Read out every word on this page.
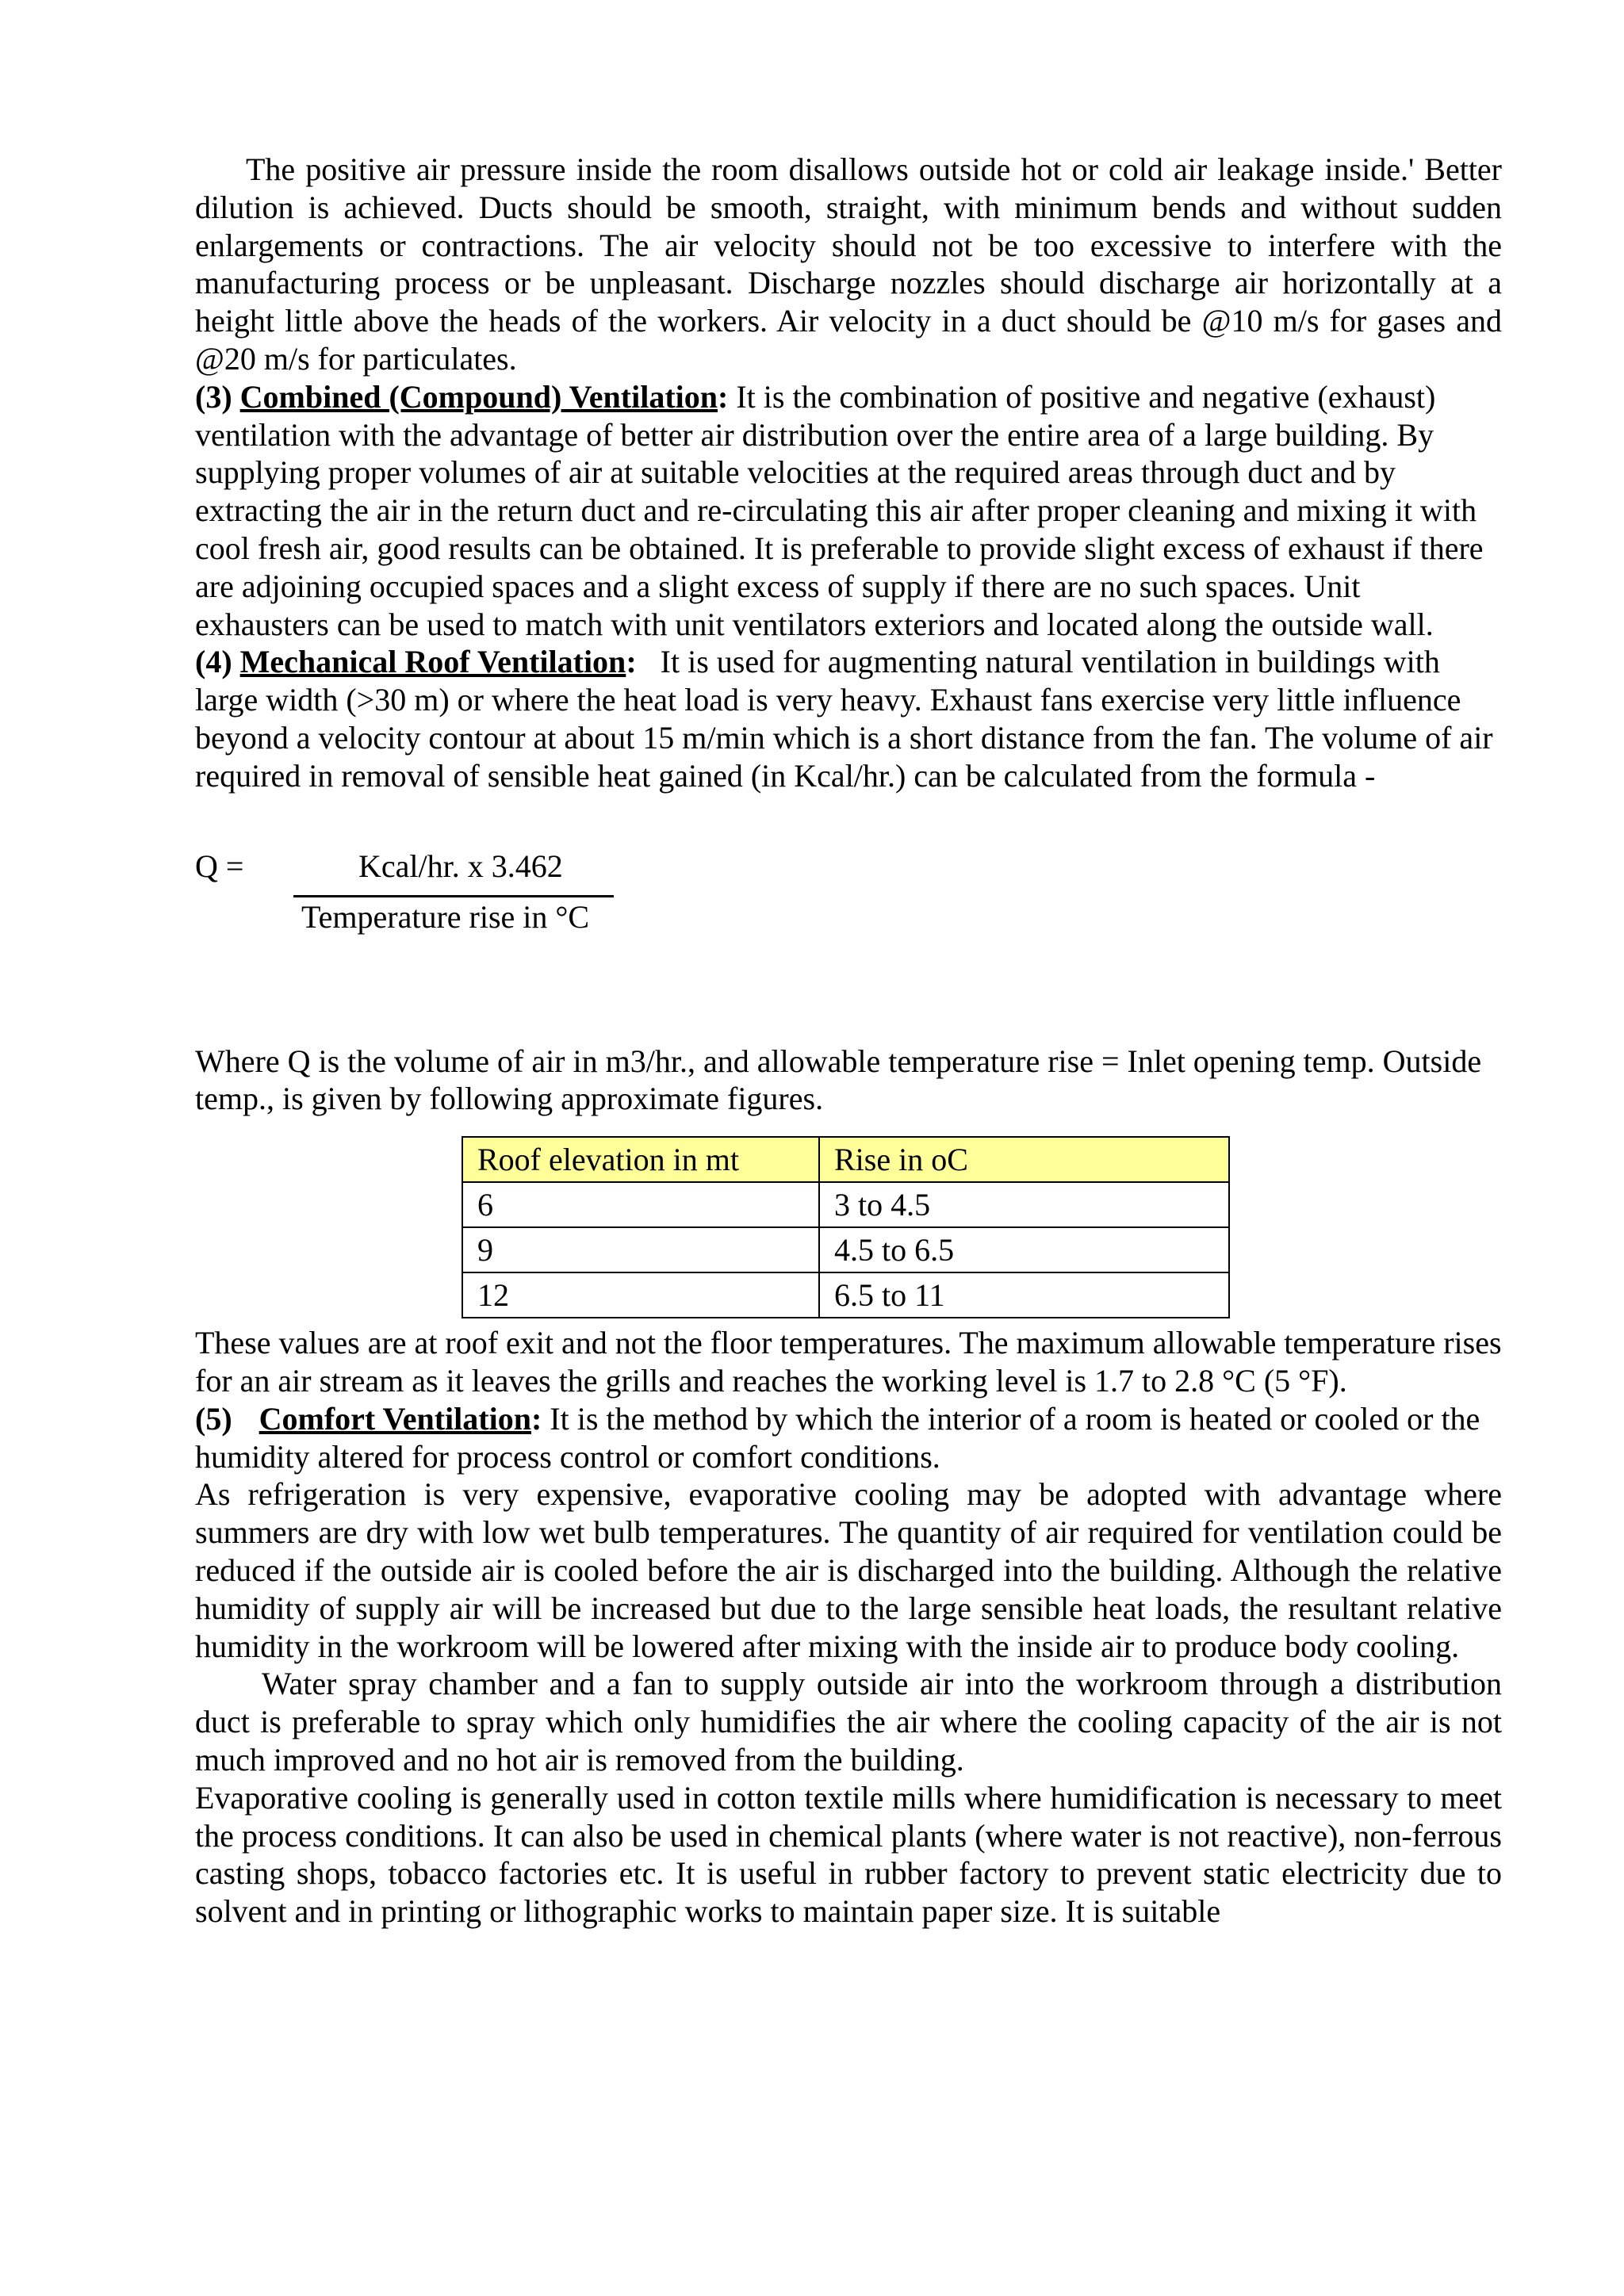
The positive air pressure inside the room disallows outside hot or cold air leakage inside.' Better dilution is achieved. Ducts should be smooth, straight, with minimum bends and without sudden enlargements or contractions. The air velocity should not be too excessive to interfere with the manufacturing process or be unpleasant. Discharge nozzles should discharge air horizontally at a height little above the heads of the workers. Air velocity in a duct should be @10 m/s for gases and @20 m/s for particulates.

(3) Combined (Compound) Ventilation: It is the combination of positive and negative (exhaust) ventilation with the advantage of better air distribution over the entire area of a large building. By supplying proper volumes of air at suitable velocities at the required areas through duct and by extracting the air in the return duct and re-circulating this air after proper cleaning and mixing it with cool fresh air, good results can be obtained. It is preferable to provide slight excess of exhaust if there are adjoining occupied spaces and a slight excess of supply if there are no such spaces. Unit exhausters can be used to match with unit ventilators exteriors and located along the outside wall.

(4) Mechanical Roof Ventilation:   It is used for augmenting natural ventilation in buildings with large width (>30 m) or where the heat load is very heavy. Exhaust fans exercise very little influence beyond a velocity contour at about 15 m/min which is a short distance from the fan. The volume of air required in removal of sensible heat gained (in Kcal/hr.) can be calculated from the formula -

Q =	Kcal/hr. x 3.462
Temperature rise in °C

Where Q is the volume of air in m3/hr., and allowable temperature rise = Inlet opening temp. Outside temp., is given by following approximate figures.

Roof elevation in mt	Rise in oC
6	3 to 4.5
9	4.5 to 6.5
12	6.5 to 11

These values are at roof exit and not the floor temperatures. The maximum allowable temperature rises for an air stream as it leaves the grills and reaches the working level is 1.7 to 2.8 °C (5 °F).

(5) Comfort Ventilation: It is the method by which the interior of a room is heated or cooled or the humidity altered for process control or comfort conditions.

As refrigeration is very expensive, evaporative cooling may be adopted with advantage where summers are dry with low wet bulb temperatures. The quantity of air required for ventilation could be reduced if the outside air is cooled before the air is discharged into the building. Although the relative humidity of supply air will be increased but due to the large sensible heat loads, the resultant relative humidity in the workroom will be lowered after mixing with the inside air to produce body cooling.

Water spray chamber and a fan to supply outside air into the workroom through a distribution duct is preferable to spray which only humidifies the air where the cooling capacity of the air is not much improved and no hot air is removed from the building.

Evaporative cooling is generally used in cotton textile mills where humidification is necessary to meet the process conditions. It can also be used in chemical plants (where water is not reactive), non-ferrous casting shops, tobacco factories etc. It is useful in rubber factory to prevent static electricity due to solvent and in printing or lithographic works to maintain paper size. It is suitable
